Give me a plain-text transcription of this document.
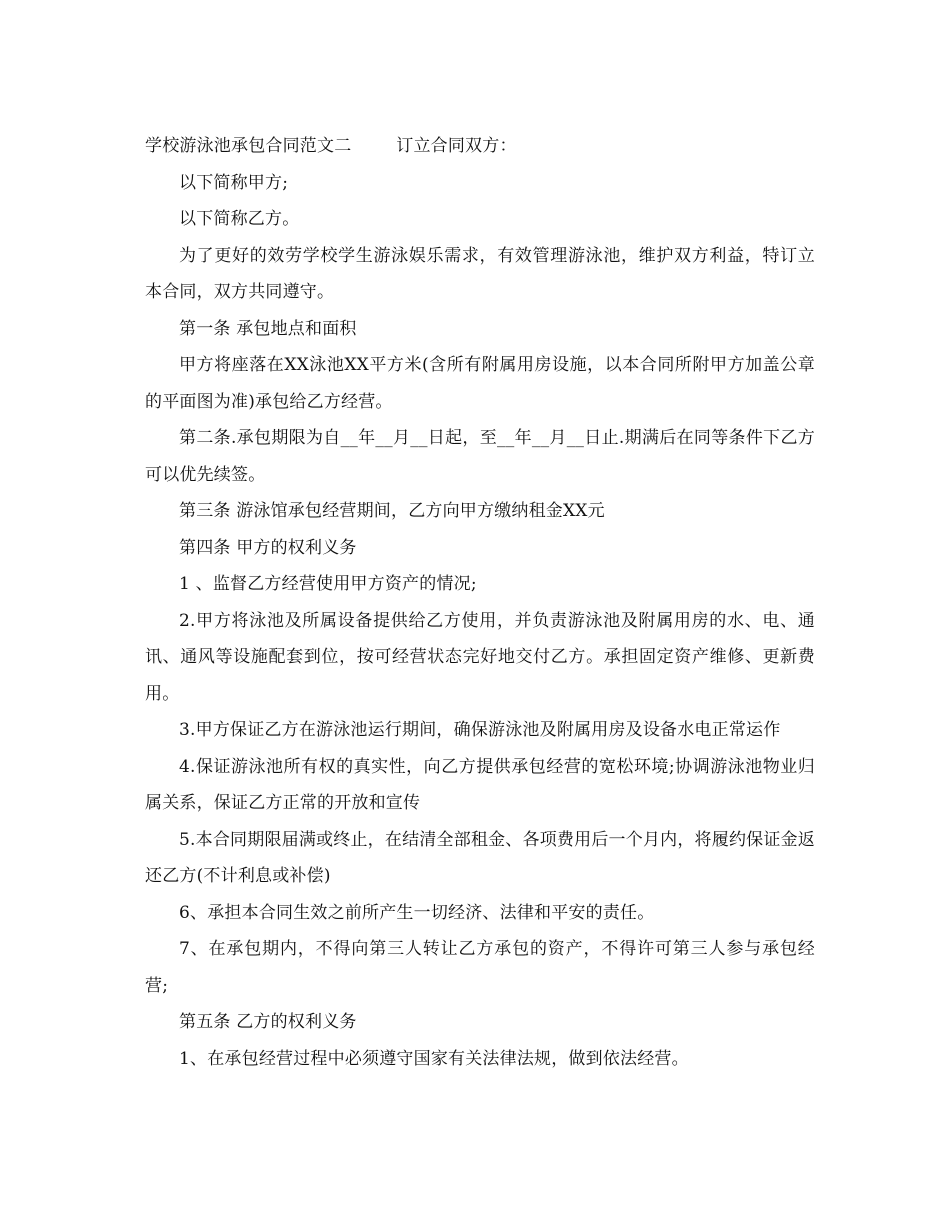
学校游泳池承包合同范文二	订立合同双方：

以下简称甲方;

以下简称乙方。

为了更好的效劳学校学生游泳娱乐需求，有效管理游泳池，维护双方利益，特订立本合同，双方共同遵守。

第一条 承包地点和面积

甲方将座落在XX泳池XX平方米(含所有附属用房设施，以本合同所附甲方加盖公章的平面图为准)承包给乙方经营。

第二条.承包期限为自__年__月__日起，至__年__月__日止.期满后在同等条件下乙方可以优先续签。

第三条 游泳馆承包经营期间，乙方向甲方缴纳租金XX元

第四条 甲方的权利义务

1 、监督乙方经营使用甲方资产的情况;

2.甲方将泳池及所属设备提供给乙方使用，并负责游泳池及附属用房的水、电、通讯、通风等设施配套到位，按可经营状态完好地交付乙方。承担固定资产维修、更新费用。

3.甲方保证乙方在游泳池运行期间，确保游泳池及附属用房及设备水电正常运作

4.保证游泳池所有权的真实性，向乙方提供承包经营的宽松环境;协调游泳池物业归属关系，保证乙方正常的开放和宣传

5.本合同期限届满或终止，在结清全部租金、各项费用后一个月内，将履约保证金返还乙方(不计利息或补偿)

6、承担本合同生效之前所产生一切经济、法律和平安的责任。

7、在承包期内，不得向第三人转让乙方承包的资产，不得许可第三人参与承包经营;

第五条 乙方的权利义务

1、在承包经营过程中必须遵守国家有关法律法规，做到依法经营。
